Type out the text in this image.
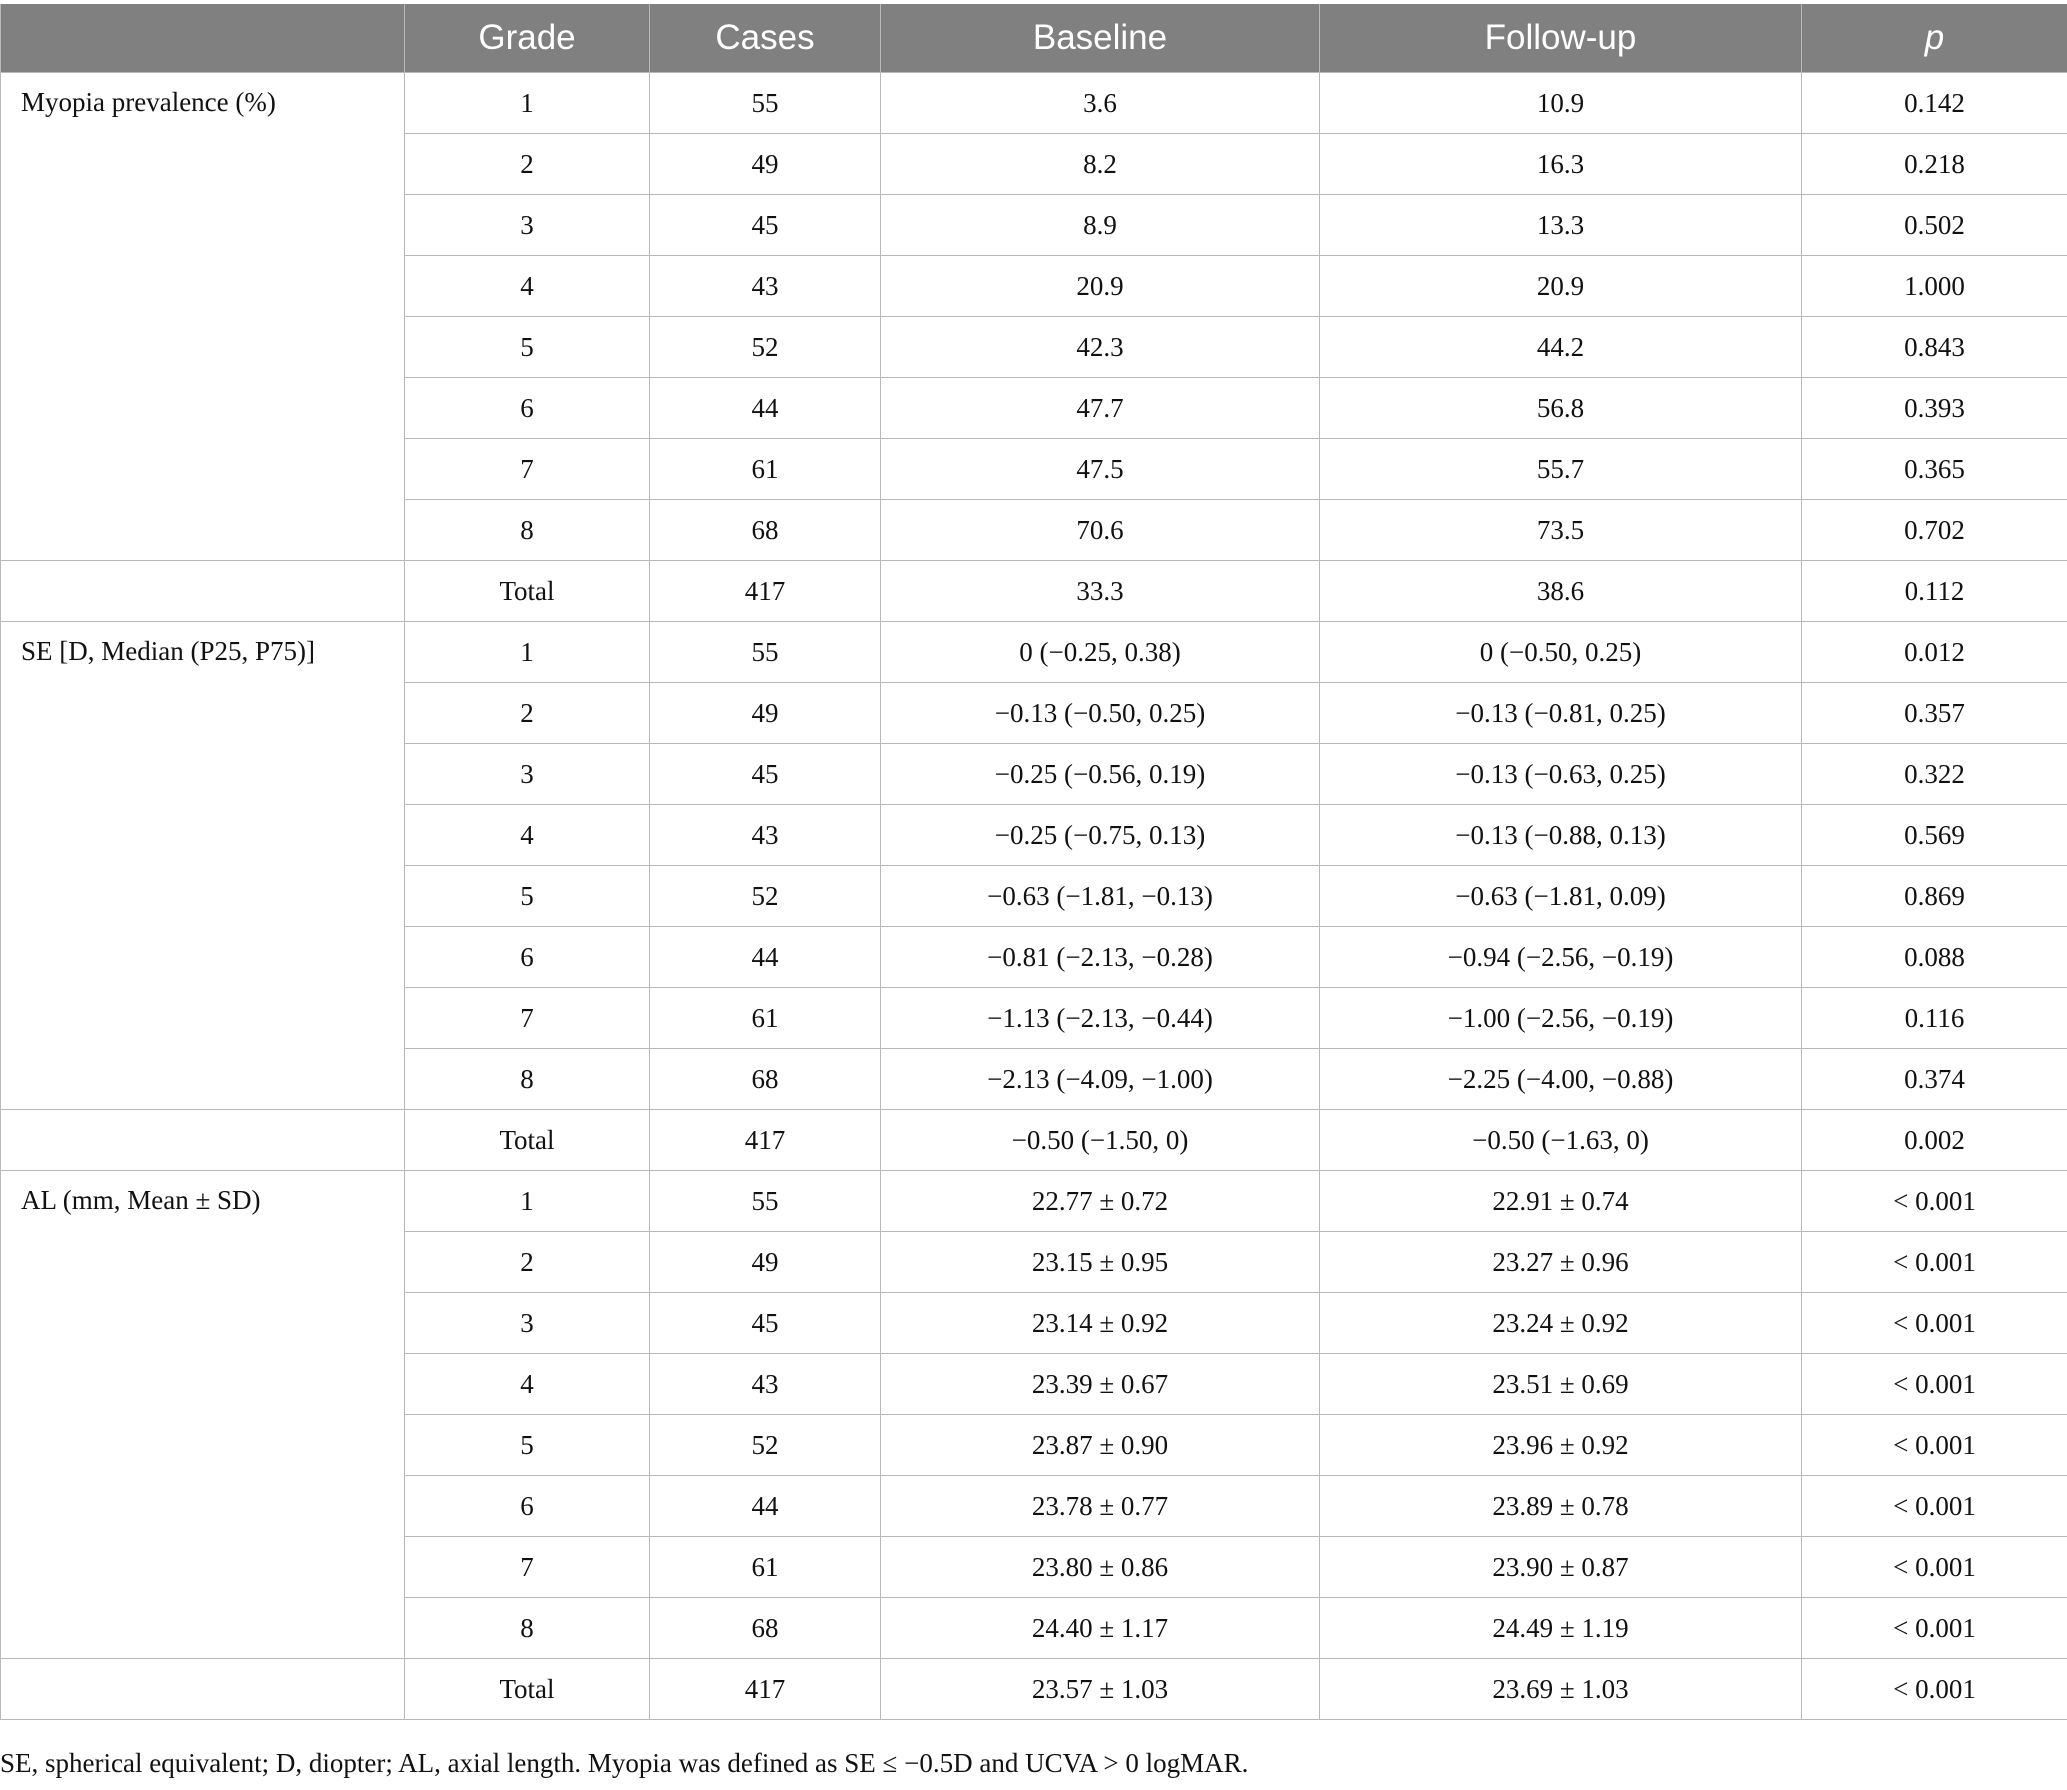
	Grade	Cases	Baseline	Follow-up	p
Myopia prevalence (%)	1	55	3.6	10.9	0.142
	2	49	8.2	16.3	0.218
	3	45	8.9	13.3	0.502
	4	43	20.9	20.9	1.000
	5	52	42.3	44.2	0.843
	6	44	47.7	56.8	0.393
	7	61	47.5	55.7	0.365
	8	68	70.6	73.5	0.702
	Total	417	33.3	38.6	0.112
SE [D, Median (P25, P75)]	1	55	0 (−0.25, 0.38)	0 (−0.50, 0.25)	0.012
	2	49	−0.13 (−0.50, 0.25)	−0.13 (−0.81, 0.25)	0.357
	3	45	−0.25 (−0.56, 0.19)	−0.13 (−0.63, 0.25)	0.322
	4	43	−0.25 (−0.75, 0.13)	−0.13 (−0.88, 0.13)	0.569
	5	52	−0.63 (−1.81, −0.13)	−0.63 (−1.81, 0.09)	0.869
	6	44	−0.81 (−2.13, −0.28)	−0.94 (−2.56, −0.19)	0.088
	7	61	−1.13 (−2.13, −0.44)	−1.00 (−2.56, −0.19)	0.116
	8	68	−2.13 (−4.09, −1.00)	−2.25 (−4.00, −0.88)	0.374
	Total	417	−0.50 (−1.50, 0)	−0.50 (−1.63, 0)	0.002
AL (mm, Mean ± SD)	1	55	22.77 ± 0.72	22.91 ± 0.74	< 0.001
	2	49	23.15 ± 0.95	23.27 ± 0.96	< 0.001
	3	45	23.14 ± 0.92	23.24 ± 0.92	< 0.001
	4	43	23.39 ± 0.67	23.51 ± 0.69	< 0.001
	5	52	23.87 ± 0.90	23.96 ± 0.92	< 0.001
	6	44	23.78 ± 0.77	23.89 ± 0.78	< 0.001
	7	61	23.80 ± 0.86	23.90 ± 0.87	< 0.001
	8	68	24.40 ± 1.17	24.49 ± 1.19	< 0.001
	Total	417	23.57 ± 1.03	23.69 ± 1.03	< 0.001
SE, spherical equivalent; D, diopter; AL, axial length. Myopia was defined as SE ≤ −0.5D and UCVA > 0 logMAR.
